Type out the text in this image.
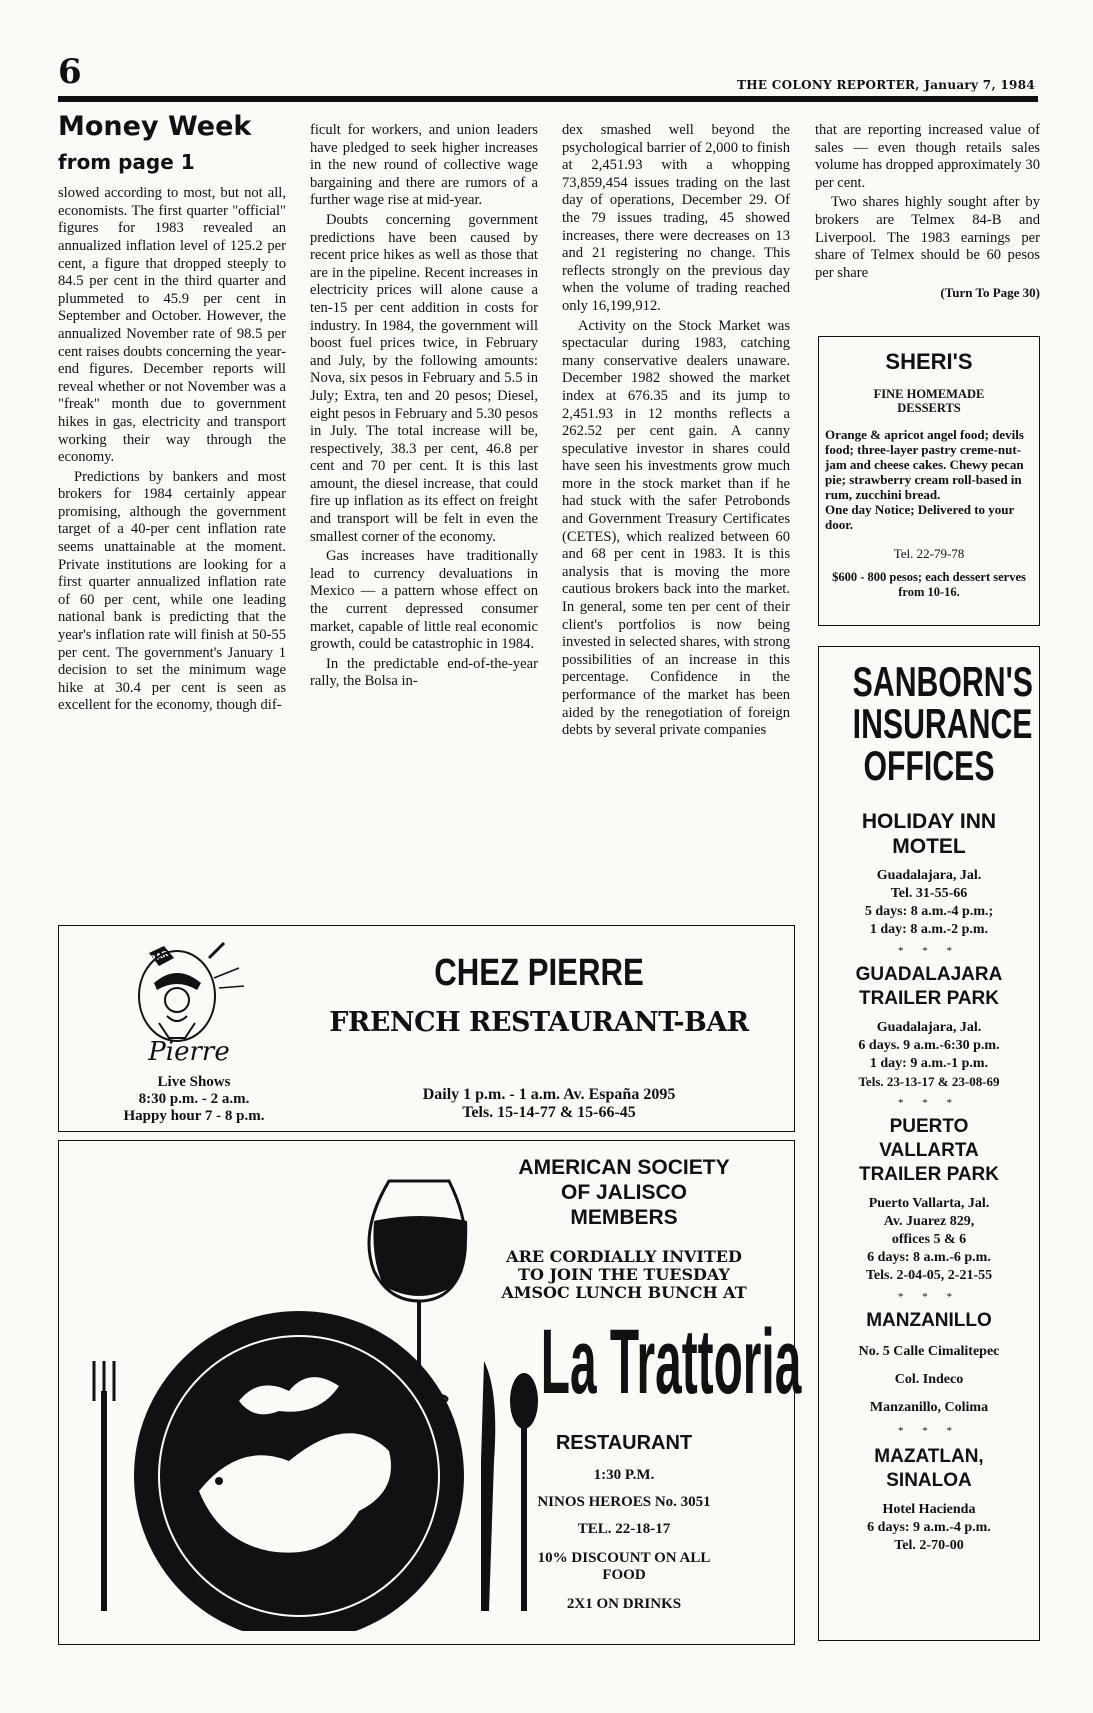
6	THE COLONY REPORTER, January 7, 1984
Money Week
from page 1

slowed according to most, but not all, economists. The first quarter "official" figures for 1983 revealed an annualized inflation level of 125.2 per cent, a figure that dropped steeply to 84.5 per cent in the third quarter and plummeted to 45.9 per cent in September and October. However, the annualized November rate of 98.5 per cent raises doubts concerning the year-end figures. December reports will reveal whether or not November was a "freak" month due to government hikes in gas, electricity and transport working their way through the economy.

Predictions by bankers and most brokers for 1984 certainly appear promising, although the government target of a 40-per cent inflation rate seems unattainable at the moment. Private institutions are looking for a first quarter annualized inflation rate of 60 per cent, while one leading national bank is predicting that the year's inflation rate will finish at 50-55 per cent. The government's January 1 decision to set the minimum wage hike at 30.4 per cent is seen as excellent for the economy, though dif-

ficult for workers, and union leaders have pledged to seek higher increases in the new round of collective wage bargaining and there are rumors of a further wage rise at mid-year.

Doubts concerning government predictions have been caused by recent price hikes as well as those that are in the pipeline. Recent increases in electricity prices will alone cause a ten-15 per cent addition in costs for industry. In 1984, the government will boost fuel prices twice, in February and July, by the following amounts: Nova, six pesos in February and 5.5 in July; Extra, ten and 20 pesos; Diesel, eight pesos in February and 5.30 pesos in July. The total increase will be, respectively, 38.3 per cent, 46.8 per cent and 70 per cent. It is this last amount, the diesel increase, that could fire up inflation as its effect on freight and transport will be felt in even the smallest corner of the economy.

Gas increases have traditionally lead to currency devaluations in Mexico — a pattern whose effect on the current depressed consumer market, capable of little real economic growth, could be catastrophic in 1984.

In the predictable end-of-the-year rally, the Bolsa in-

dex smashed well beyond the psychological barrier of 2,000 to finish at 2,451.93 with a whopping 73,859,454 issues trading on the last day of operations, December 29. Of the 79 issues trading, 45 showed increases, there were decreases on 13 and 21 registering no change. This reflects strongly on the previous day when the volume of trading reached only 16,199,912.

Activity on the Stock Market was spectacular during 1983, catching many conservative dealers unaware. December 1982 showed the market index at 676.35 and its jump to 2,451.93 in 12 months reflects a 262.52 per cent gain. A canny speculative investor in shares could have seen his investments grow much more in the stock market than if he had stuck with the safer Petrobonds and Government Treasury Certificates (CETES), which realized between 60 and 68 per cent in 1983. It is this analysis that is moving the more cautious brokers back into the market. In general, some ten per cent of their client's portfolios is now being invested in selected shares, with strong possibilities of an increase in this percentage. Confidence in the performance of the market has been aided by the renegotiation of foreign debts by several private companies

that are reporting increased value of sales — even though retails sales volume has dropped approximately 30 per cent.

Two shares highly sought after by brokers are Telmex 84-B and Liverpool. The 1983 earnings per share of Telmex should be 60 pesos per share

(Turn To Page 30)
SHERI'S
FINE HOMEMADE DESSERTS
Orange & apricot angel food; devils food; three-layer pastry creme-nut-jam and cheese cakes. Chewy pecan pie; strawberry cream roll-based in rum, zucchini bread.
One day Notice; Delivered to your door.
Tel. 22-79-78
$600 - 800 pesos; each dessert serves from 10-16.
SANBORN'S
INSURANCE
OFFICES
HOLIDAY INN
MOTEL
Guadalajara, Jal.
Tel. 31-55-66
5 days: 8 a.m.-4 p.m.;
1 day: 8 a.m.-2 p.m.
* * *
GUADALAJARA
TRAILER PARK
Guadalajara, Jal.
6 days. 9 a.m.-6:30 p.m.
1 day: 9 a.m.-1 p.m.
Tels. 23-13-17 & 23-08-69
* * *
PUERTO
VALLARTA
TRAILER PARK
Puerto Vallarta, Jal.
Av. Juarez 829,
offices 5 & 6
6 days: 8 a.m.-6 p.m.
Tels. 2-04-05, 2-21-55
* * *
MANZANILLO
No. 5 Calle Cimalitepec
Col. Indeco
Manzanillo, Colima
* * *
MAZATLAN,
SINALOA
Hotel Hacienda
6 days: 9 a.m.-4 p.m.
Tel. 2-70-00
BAR
Pierre
Live Shows
8:30 p.m. - 2 a.m.
Happy hour 7 - 8 p.m.
CHEZ PIERRE
FRENCH RESTAURANT-BAR
Daily 1 p.m. - 1 a.m. Av. España 2095
Tels. 15-14-77 & 15-66-45
AMERICAN SOCIETY
OF JALISCO
MEMBERS
ARE CORDIALLY INVITED
TO JOIN THE TUESDAY
AMSOC LUNCH BUNCH AT
La Trattoria
RESTAURANT
1:30 P.M.
NINOS HEROES No. 3051
TEL. 22-18-17
10% DISCOUNT ON ALL
FOOD
2X1 ON DRINKS
